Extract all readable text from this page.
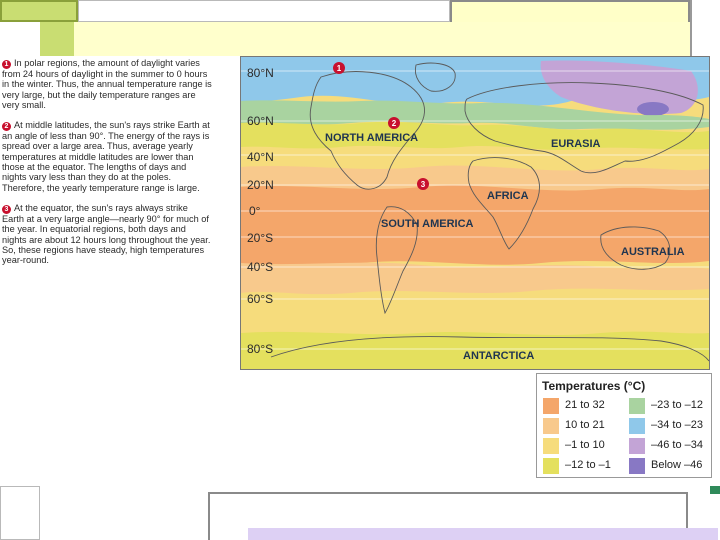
1 In polar regions, the amount of daylight varies from 24 hours of daylight in the summer to 0 hours in the winter. Thus, the annual temperature range is very large, but the daily temperature ranges are very small.

2 At middle latitudes, the sun's rays strike Earth at an angle of less than 90°. The energy of the rays is spread over a large area. Thus, average yearly temperatures at middle latitudes are lower than those at the equator. The lengths of days and nights vary less than they do at the poles. Therefore, the yearly temperature range is large.

3 At the equator, the sun's rays always strike Earth at a very large angle—nearly 90° for much of the year. In equatorial regions, both days and nights are about 12 hours long throughout the year. So, these regions have steady, high temperatures year-round.

80°N
60°N
40°N
20°N
0°
20°S
40°S
60°S
80°S
NORTH AMERICA	EURASIA
AFRICA
SOUTH AMERICA
AUSTRALIA
ANTARCTICA
1
2
3
Temperatures (°C)
21 to 32
10 to 21
–1 to 10
–12 to –1
–23 to –12
–34 to –23
–46 to –34
Below –46
